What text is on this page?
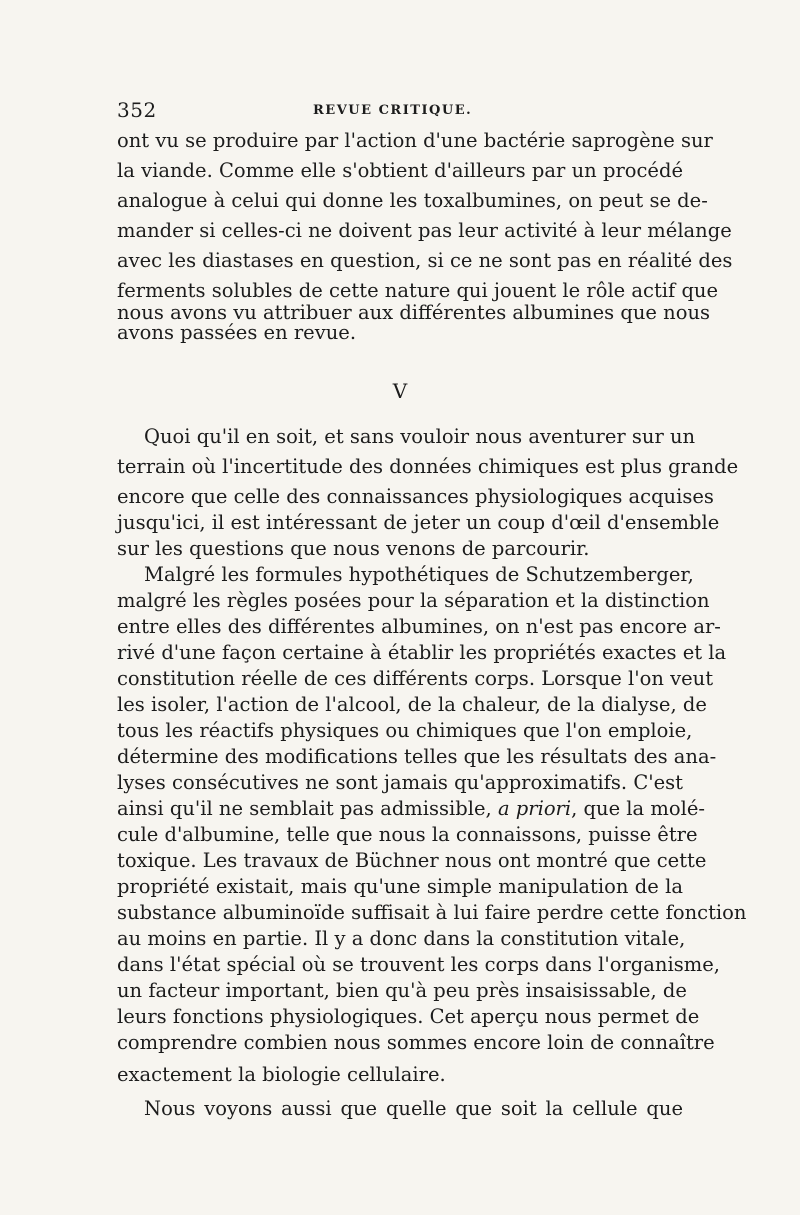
352	REVUE CRITIQUE.
ont vu se produire par l'action d'une bactérie saprogène sur
la viande. Comme elle s'obtient d'ailleurs par un procédé
analogue à celui qui donne les toxalbumines, on peut se de-
mander si celles-ci ne doivent pas leur activité à leur mélange
avec les diastases en question, si ce ne sont pas en réalité des
ferments solubles de cette nature qui jouent le rôle actif que
nous avons vu attribuer aux différentes albumines que nous
avons passées en revue.
V
Quoi qu'il en soit, et sans vouloir nous aventurer sur un
terrain où l'incertitude des données chimiques est plus grande
encore que celle des connaissances physiologiques acquises
jusqu'ici, il est intéressant de jeter un coup d'œil d'ensemble
sur les questions que nous venons de parcourir.
Malgré les formules hypothétiques de Schutzemberger,
malgré les règles posées pour la séparation et la distinction
entre elles des différentes albumines, on n'est pas encore ar-
rivé d'une façon certaine à établir les propriétés exactes et la
constitution réelle de ces différents corps. Lorsque l'on veut
les isoler, l'action de l'alcool, de la chaleur, de la dialyse, de
tous les réactifs physiques ou chimiques que l'on emploie,
détermine des modifications telles que les résultats des ana-
lyses consécutives ne sont jamais qu'approximatifs. C'est
ainsi qu'il ne semblait pas admissible, a priori, que la molé-
cule d'albumine, telle que nous la connaissons, puisse être
toxique. Les travaux de Büchner nous ont montré que cette
propriété existait, mais qu'une simple manipulation de la
substance albuminoïde suffisait à lui faire perdre cette fonction
au moins en partie. Il y a donc dans la constitution vitale,
dans l'état spécial où se trouvent les corps dans l'organisme,
un facteur important, bien qu'à peu près insaisissable, de
leurs fonctions physiologiques. Cet aperçu nous permet de
comprendre combien nous sommes encore loin de connaître
exactement la biologie cellulaire.
Nous voyons aussi que quelle que soit la cellule que
